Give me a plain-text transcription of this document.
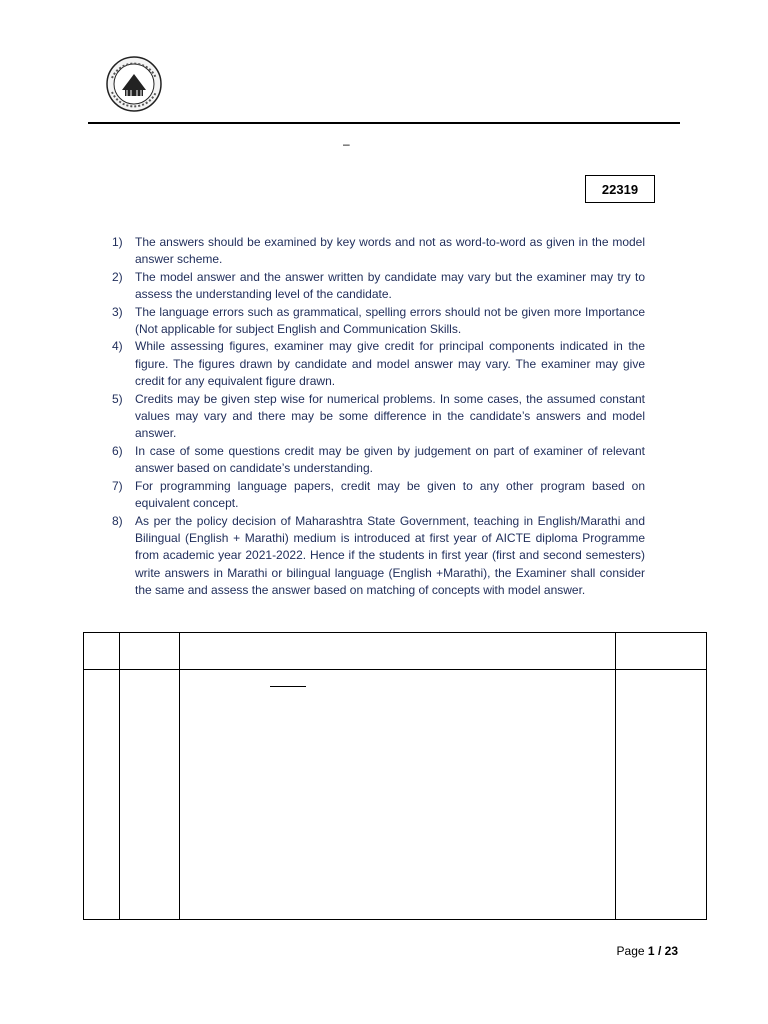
–
22319
1) The answers should be examined by key words and not as word-to-word as given in the model answer scheme.
2) The model answer and the answer written by candidate may vary but the examiner may try to assess the understanding level of the candidate.
3) The language errors such as grammatical, spelling errors should not be given more Importance (Not applicable for subject English and Communication Skills.
4) While assessing figures, examiner may give credit for principal components indicated in the figure. The figures drawn by candidate and model answer may vary. The examiner may give credit for any equivalent figure drawn.
5) Credits may be given step wise for numerical problems. In some cases, the assumed constant values may vary and there may be some difference in the candidate’s answers and model answer.
6) In case of some questions credit may be given by judgement on part of examiner of relevant answer based on candidate’s understanding.
7) For programming language papers, credit may be given to any other program based on equivalent concept.
8) As per the policy decision of Maharashtra State Government, teaching in English/Marathi and Bilingual (English + Marathi) medium is introduced at first year of AICTE diploma Programme from academic year 2021-2022. Hence if the students in first year (first and second semesters) write answers in Marathi or bilingual language (English +Marathi), the Examiner shall consider the same and assess the answer based on matching of concepts with model answer.
Page 1 / 23
